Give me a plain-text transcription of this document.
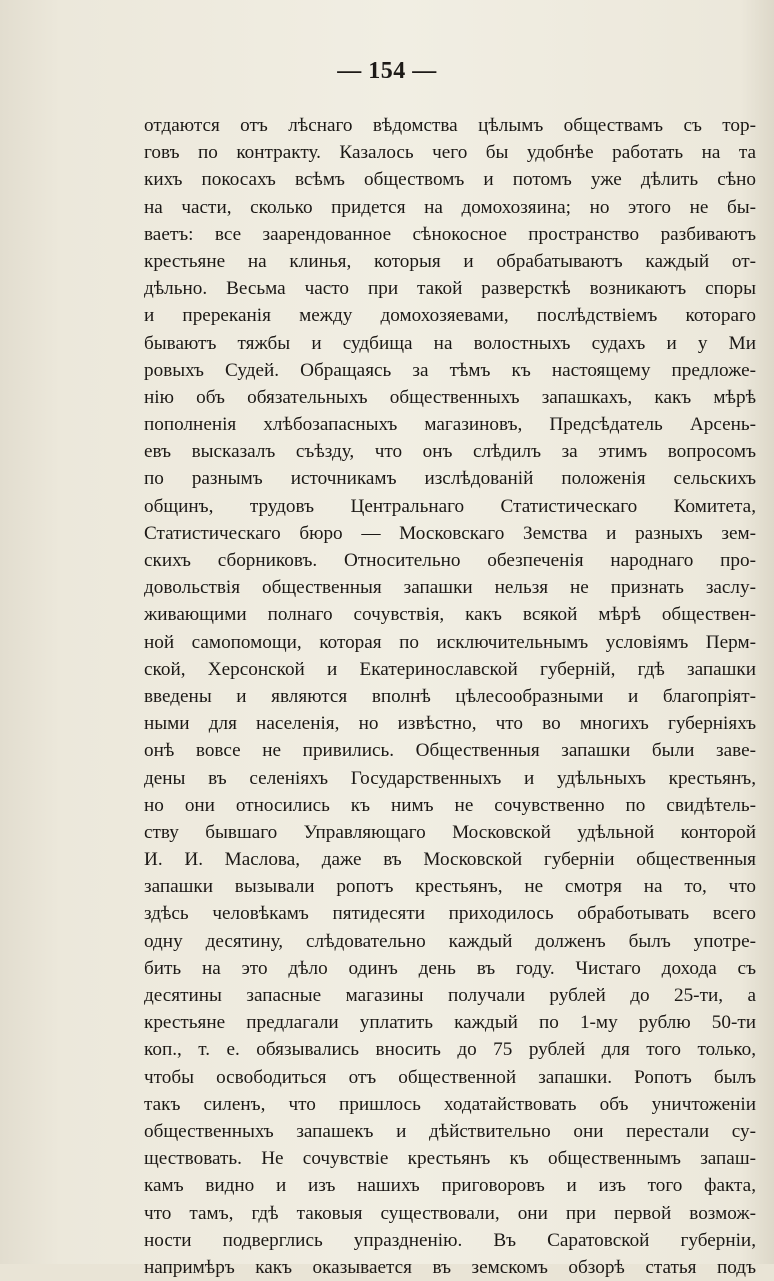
— 154 —
отдаются отъ лѣснаго вѣдомства цѣлымъ обществамъ съ тор-
говъ по контракту. Казалось чего бы удобнѣе работать на та
кихъ покосахъ всѣмъ обществомъ и потомъ уже дѣлить сѣно
на части, сколько придется на домохозяина; но этого не бы-
ваетъ: все заарендованное сѣнокосное пространство разбиваютъ
крестьяне на клинья, которыя и обрабатываютъ каждый от-
дѣльно. Весьма часто при такой разверсткѣ возникаютъ споры
и пререканія между домохозяевами, послѣдствіемъ котораго
бываютъ тяжбы и судбища на волостныхъ судахъ и у Ми
ровыхъ Судей. Обращаясь за тѣмъ къ настоящему предложе-
нію объ обязательныхъ общественныхъ запашкахъ, какъ мѣрѣ
пополненія хлѣбозапасныхъ магазиновъ, Предсѣдатель Арсень-
евъ высказалъ съѣзду, что онъ слѣдилъ за этимъ вопросомъ
по разнымъ источникамъ изслѣдованій положенія сельскихъ
общинъ, трудовъ Центральнаго Статистическаго Комитета,
Статистическаго бюро — Московскаго Земства и разныхъ зем-
скихъ сборниковъ. Относительно обезпеченія народнаго про-
довольствія общественныя запашки нельзя не признать заслу-
живающими полнаго сочувствія, какъ всякой мѣрѣ обществен-
ной самопомощи, которая по исключительнымъ условіямъ Перм-
ской, Херсонской и Екатеринославской губерній, гдѣ запашки
введены и являются вполнѣ цѣлесообразными и благопріят-
ными для населенія, но извѣстно, что во многихъ губерніяхъ
онѣ вовсе не привились. Общественныя запашки были заве-
дены въ селеніяхъ Государственныхъ и удѣльныхъ крестьянъ,
но они относились къ нимъ не сочувственно по свидѣтель-
ству бывшаго Управляющаго Московской удѣльной конторой
И. И. Маслова, даже въ Московской губерніи общественныя
запашки вызывали ропотъ крестьянъ, не смотря на то, что
здѣсь человѣкамъ пятидесяти приходилось обработывать всего
одну десятину, слѣдовательно каждый долженъ былъ употре-
бить на это дѣло одинъ день въ году. Чистаго дохода съ
десятины запасные магазины получали рублей до 25-ти, а
крестьяне предлагали уплатить каждый по 1-му рублю 50-ти
коп., т. е. обязывались вносить до 75 рублей для того только,
чтобы освободиться отъ общественной запашки. Ропотъ былъ
такъ силенъ, что пришлось ходатайствовать объ уничтоженіи
общественныхъ запашекъ и дѣйствительно они перестали су-
ществовать. Не сочувствіе крестьянъ къ общественнымъ запаш-
камъ видно и изъ нашихъ приговоровъ и изъ того факта,
что тамъ, гдѣ таковыя существовали, они при первой возмож-
ности подверглись упраздненію. Въ Саратовской губерніи,
напримѣръ какъ оказывается въ земскомъ обзорѣ статья подъ
